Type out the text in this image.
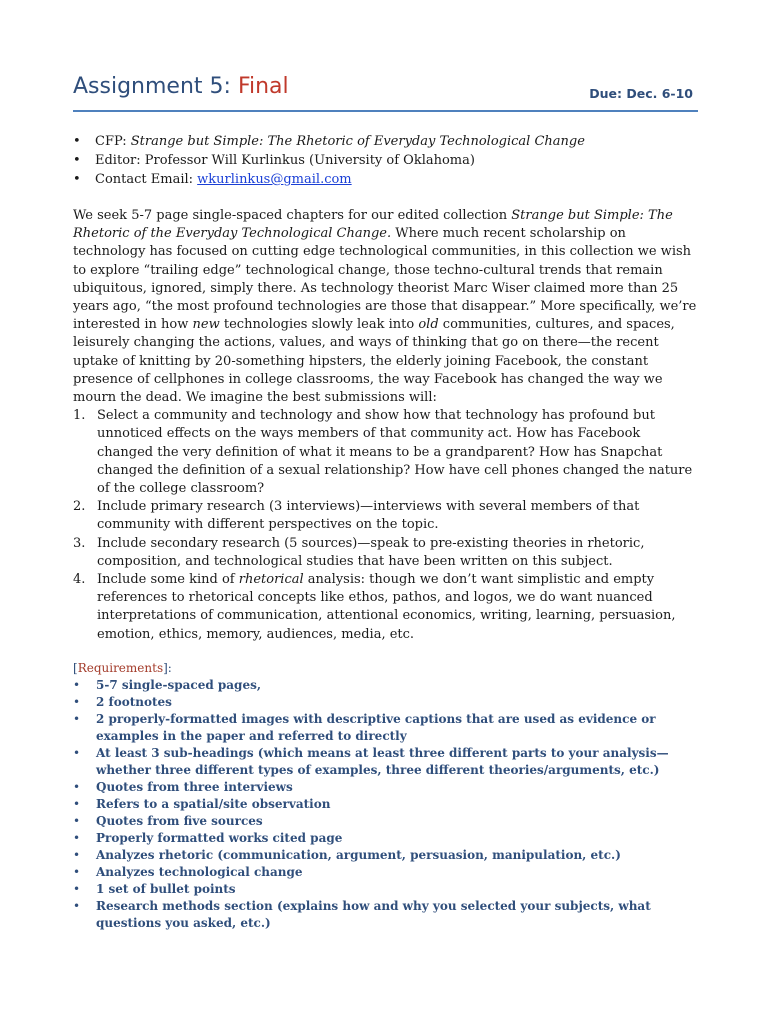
Assignment 5: Final	Due: Dec. 6-10
• CFP: Strange but Simple: The Rhetoric of Everyday Technological Change
• Editor: Professor Will Kurlinkus (University of Oklahoma)
• Contact Email: wkurlinkus@gmail.com

We seek 5-7 page single-spaced chapters for our edited collection Strange but Simple: The Rhetoric of the Everyday Technological Change. Where much recent scholarship on technology has focused on cutting edge technological communities, in this collection we wish to explore “trailing edge” technological change, those techno-cultural trends that remain ubiquitous, ignored, simply there. As technology theorist Marc Wiser claimed more than 25 years ago, “the most profound technologies are those that disappear.” More specifically, we’re interested in how new technologies slowly leak into old communities, cultures, and spaces, leisurely changing the actions, values, and ways of thinking that go on there—the recent uptake of knitting by 20-something hipsters, the elderly joining Facebook, the constant presence of cellphones in college classrooms, the way Facebook has changed the way we mourn the dead. We imagine the best submissions will:

1. Select a community and technology and show how that technology has profound but unnoticed effects on the ways members of that community act. How has Facebook changed the very definition of what it means to be a grandparent? How has Snapchat changed the definition of a sexual relationship? How have cell phones changed the nature of the college classroom?
2. Include primary research (3 interviews)—interviews with several members of that community with different perspectives on the topic.
3. Include secondary research (5 sources)—speak to pre-existing theories in rhetoric, composition, and technological studies that have been written on this subject.
4. Include some kind of rhetorical analysis: though we don’t want simplistic and empty references to rhetorical concepts like ethos, pathos, and logos, we do want nuanced interpretations of communication, attentional economics, writing, learning, persuasion, emotion, ethics, memory, audiences, media, etc.
[Requirements]:
• 5-7 single-spaced pages,
• 2 footnotes
• 2 properly-formatted images with descriptive captions that are used as evidence or examples in the paper and referred to directly
• At least 3 sub-headings (which means at least three different parts to your analysis—whether three different types of examples, three different theories/arguments, etc.)
• Quotes from three interviews
• Refers to a spatial/site observation
• Quotes from five sources
• Properly formatted works cited page
• Analyzes rhetoric (communication, argument, persuasion, manipulation, etc.)
• Analyzes technological change
• 1 set of bullet points
• Research methods section (explains how and why you selected your subjects, what questions you asked, etc.)
